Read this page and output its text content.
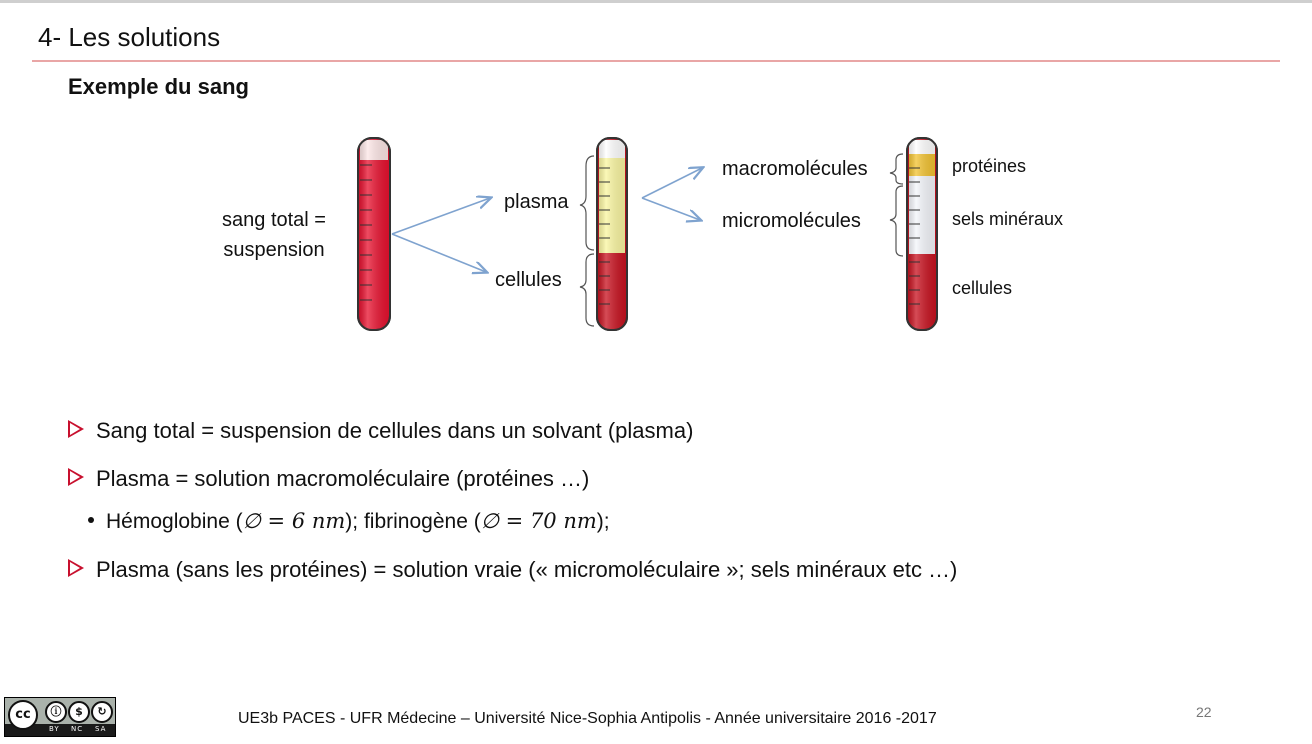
4- Les solutions
Exemple du sang
sang total =
suspension
plasma
cellules
macromolécules
micromolécules
protéines
sels minéraux
cellules
Sang total = suspension de cellules dans un solvant (plasma)
Plasma = solution macromoléculaire (protéines …)
Hémoglobine (∅ = 6 nm); fibrinogène (∅ = 70 nm);
Plasma (sans les protéines) = solution vraie (« micromoléculaire »; sels minéraux etc …)
cc	ⓘ	$	↻
BY NC SA
UE3b PACES - UFR Médecine – Université Nice-Sophia Antipolis - Année universitaire 2016 -2017	22
